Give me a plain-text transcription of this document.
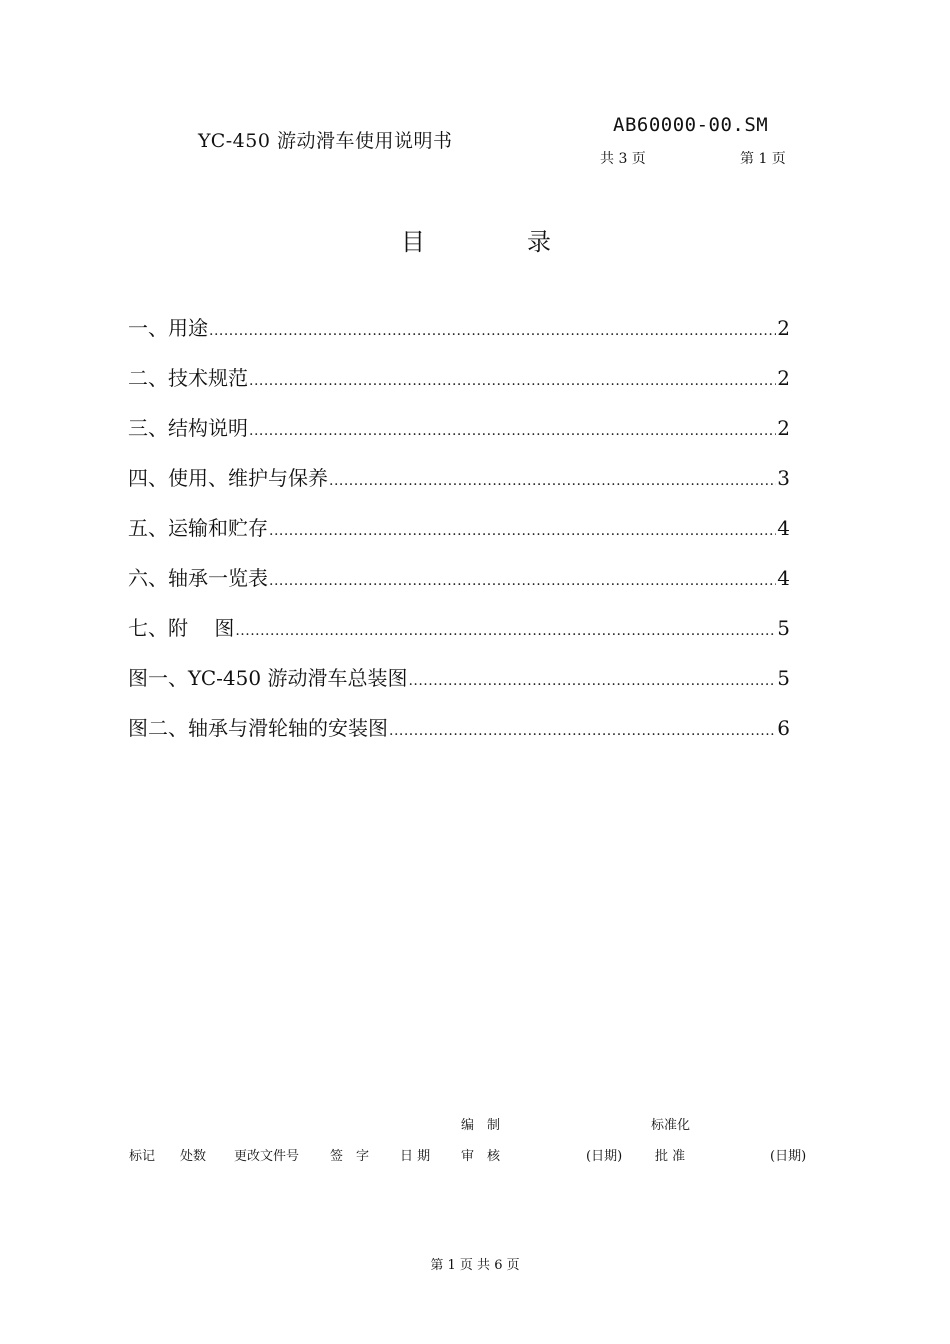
YC-450 游动滑车使用说明书
AB60000-00.SM
共 3 页	第 1 页
目	录
一、用途 .....	2
二、技术规范 .....	2
三、结构说明 .....	2
四、使用、维护与保养 .....	3
五、运输和贮存 .....	4
六、轴承一览表 .....	4
七、附　 图 .....	5
图一、YC-450 游动滑车总装图 .....	5
图二、轴承与滑轮轴的安装图 .....	6
编　制	标准化
标记 处数 更改文件号 签　字 日 期 审　核	(日期)	批 准	(日期)
第 1 页 共 6 页
